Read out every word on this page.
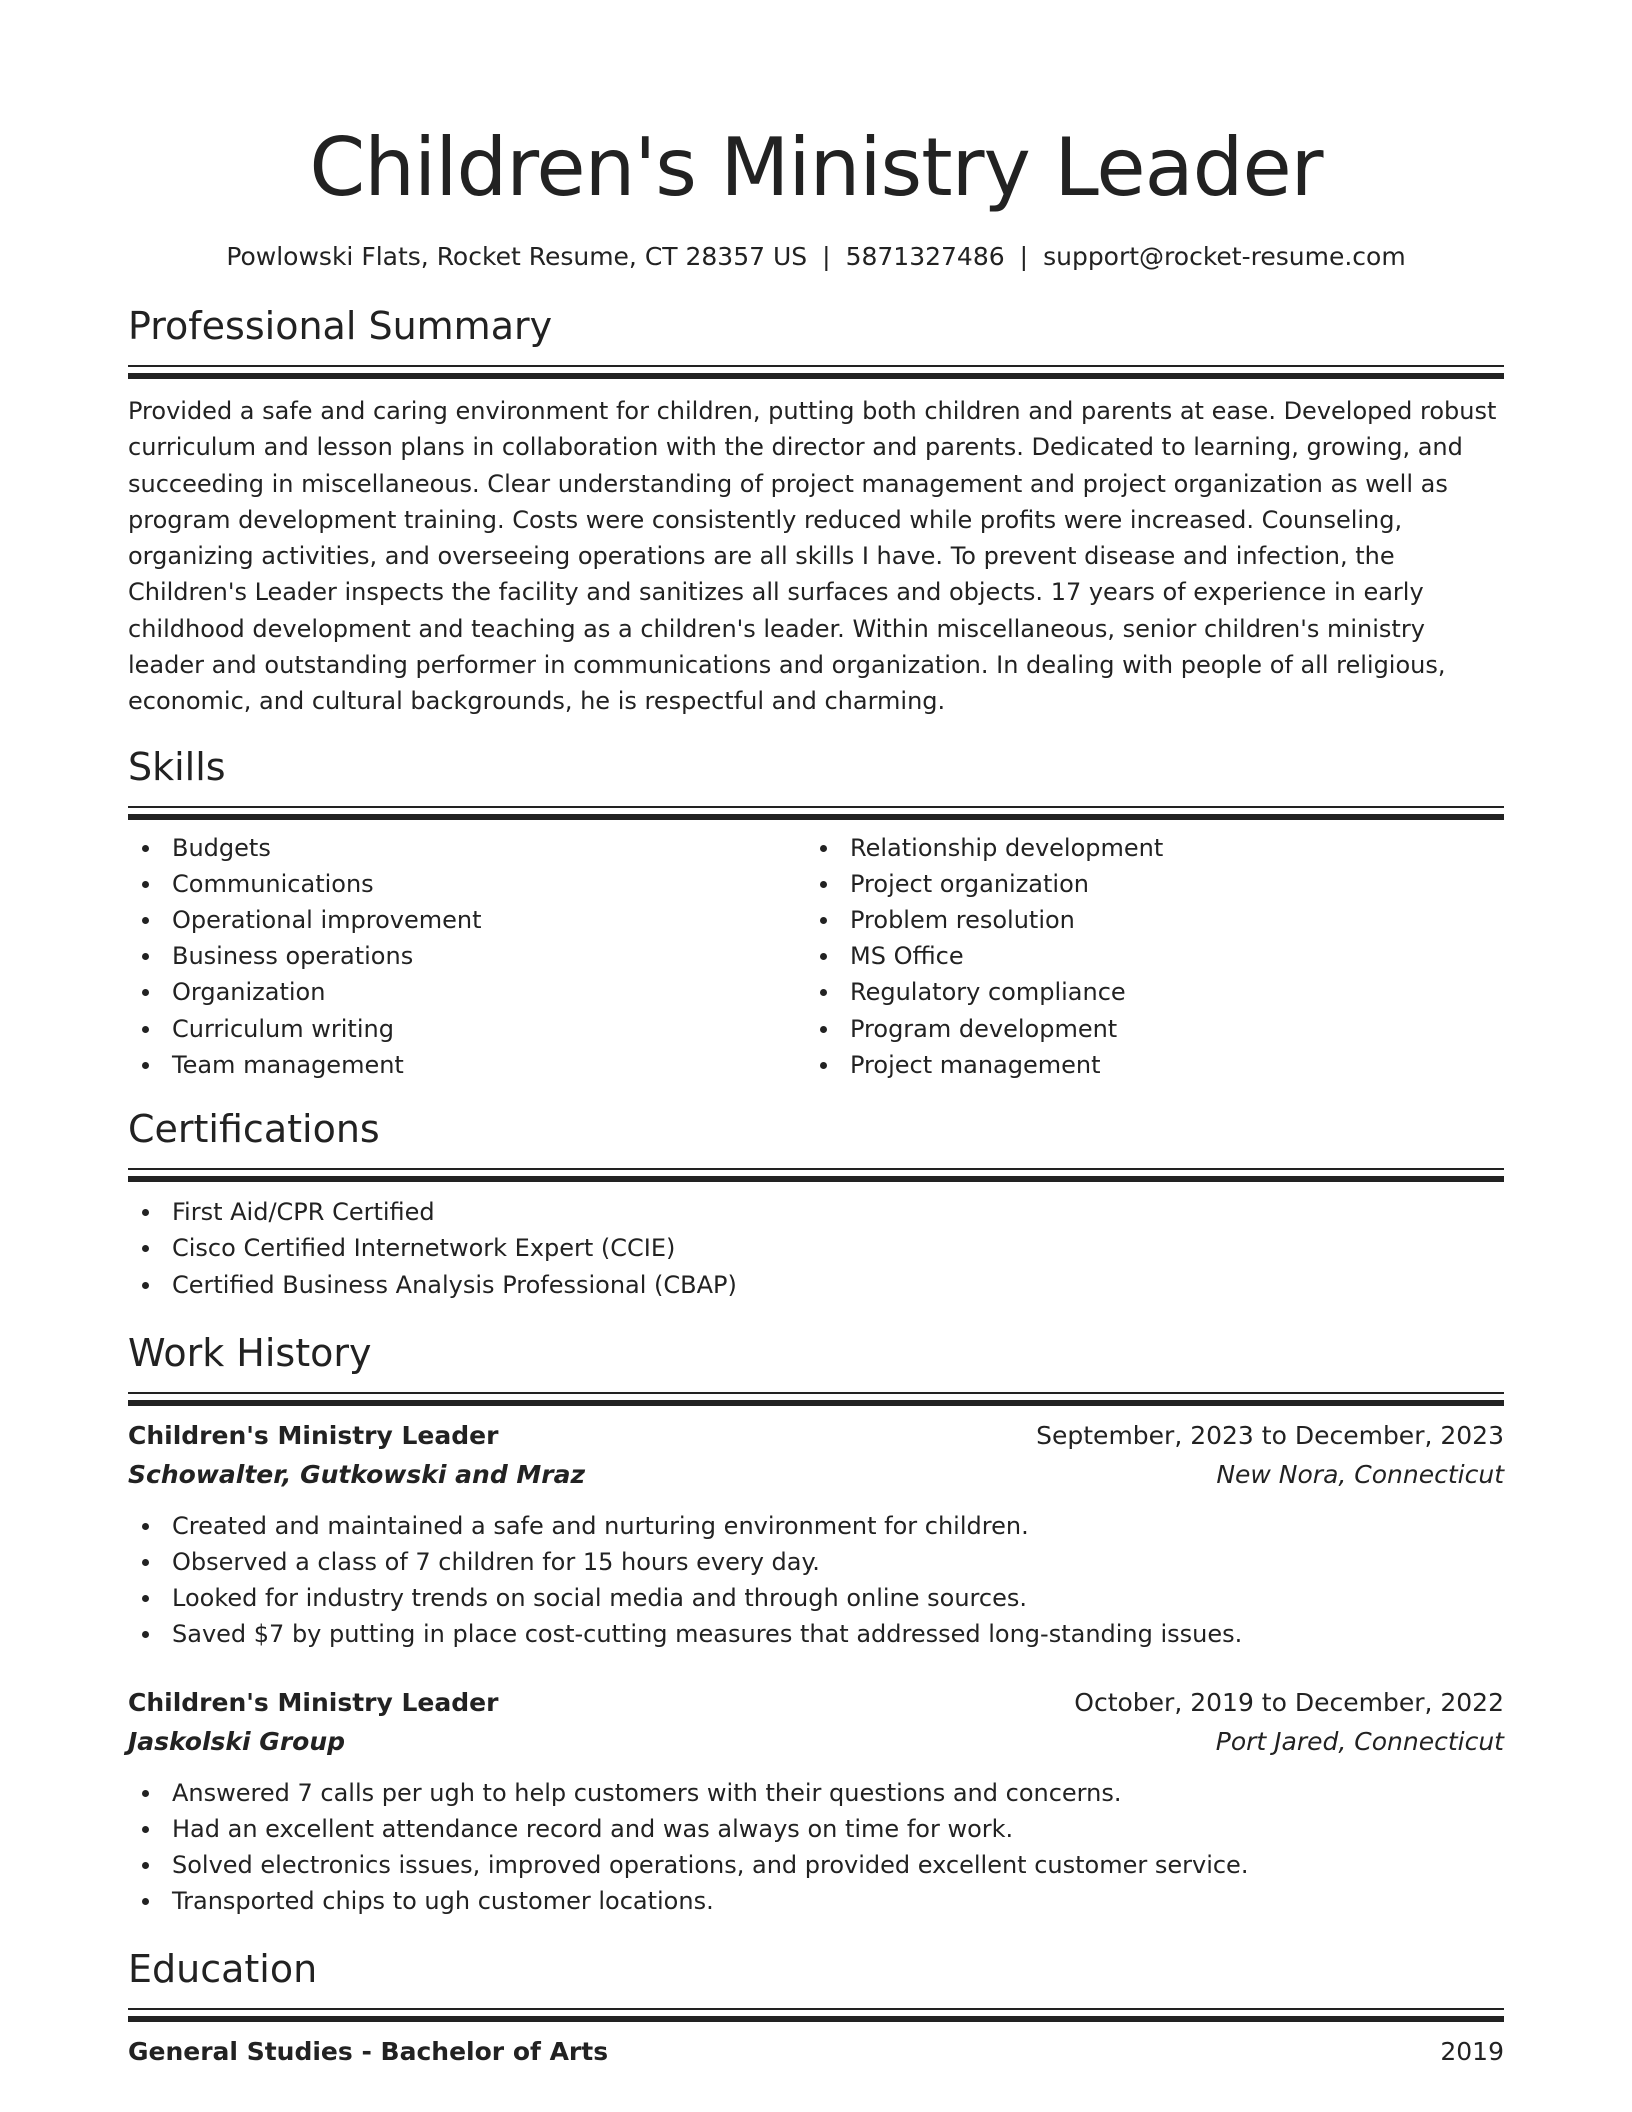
Children's Ministry Leader
Powlowski Flats, Rocket Resume, CT 28357 US | 5871327486 | support@rocket-resume.com
Professional Summary

Provided a safe and caring environment for children, putting both children and parents at ease. Developed robust curriculum and lesson plans in collaboration with the director and parents. Dedicated to learning, growing, and succeeding in miscellaneous. Clear understanding of project management and project organization as well as program development training. Costs were consistently reduced while profits were increased. Counseling, organizing activities, and overseeing operations are all skills I have. To prevent disease and infection, the Children's Leader inspects the facility and sanitizes all surfaces and objects. 17 years of experience in early childhood development and teaching as a children's leader. Within miscellaneous, senior children's ministry leader and outstanding performer in communications and organization. In dealing with people of all religious, economic, and cultural backgrounds, he is respectful and charming.

Skills
Budgets
Communications
Operational improvement
Business operations
Organization
Curriculum writing
Team management
Relationship development
Project organization
Problem resolution
MS Office
Regulatory compliance
Program development
Project management
Certifications
First Aid/CPR Certified
Cisco Certified Internetwork Expert (CCIE)
Certified Business Analysis Professional (CBAP)
Work History
Children's Ministry Leader	September, 2023 to December, 2023
Schowalter, Gutkowski and Mraz	New Nora, Connecticut
Created and maintained a safe and nurturing environment for children.
Observed a class of 7 children for 15 hours every day.
Looked for industry trends on social media and through online sources.
Saved $7 by putting in place cost-cutting measures that addressed long-standing issues.
Children's Ministry Leader	October, 2019 to December, 2022
Jaskolski Group	Port Jared, Connecticut
Answered 7 calls per ugh to help customers with their questions and concerns.
Had an excellent attendance record and was always on time for work.
Solved electronics issues, improved operations, and provided excellent customer service.
Transported chips to ugh customer locations.
Education
General Studies - Bachelor of Arts	2019
